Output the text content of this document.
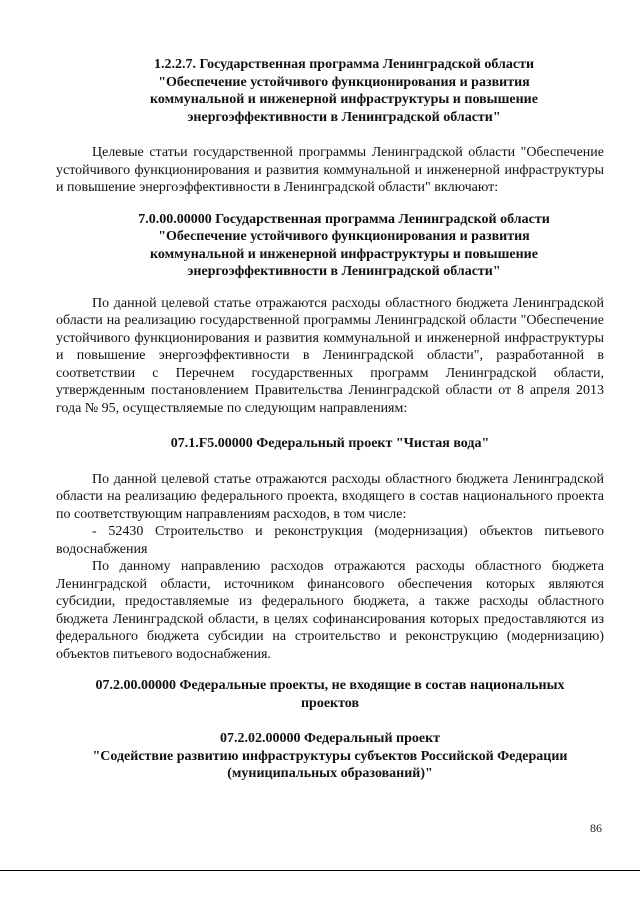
1.2.2.7. Государственная программа Ленинградской области

"Обеспечение устойчивого функционирования и развития

коммунальной и инженерной инфраструктуры и повышение

энергоэффективности в Ленинградской области"

Целевые статьи государственной программы Ленинградской области "Обеспечение устойчивого функционирования и развития коммунальной и инженерной инфраструктуры и повышение энергоэффективности в Ленинградской области" включают:

7.0.00.00000 Государственная программа Ленинградской области

"Обеспечение устойчивого функционирования и развития

коммунальной и инженерной инфраструктуры и повышение

энергоэффективности в Ленинградской области"

По данной целевой статье отражаются расходы областного бюджета Ленинградской области на реализацию государственной программы Ленинградской области "Обеспечение устойчивого функционирования и развития коммунальной и инженерной инфраструктуры и повышение энергоэффективности в Ленинградской области", разработанной в соответствии с Перечнем государственных программ Ленинградской области, утвержденным постановлением Правительства Ленинградской области от 8 апреля 2013 года № 95, осуществляемые по следующим направлениям:

07.1.F5.00000 Федеральный проект "Чистая вода"

По данной целевой статье отражаются расходы областного бюджета Ленинградской области на реализацию федерального проекта, входящего в состав национального проекта по соответствующим направлениям расходов, в том числе:

- 52430 Строительство и реконструкция (модернизация) объектов питьевого водоснабжения

По данному направлению расходов отражаются расходы областного бюджета Ленинградской области, источником финансового обеспечения которых являются субсидии, предоставляемые из федерального бюджета, а также расходы областного бюджета Ленинградской области, в целях софинансирования которых предоставляются из федерального бюджета субсидии на строительство и реконструкцию (модернизацию) объектов питьевого водоснабжения.

07.2.00.00000 Федеральные проекты, не входящие в состав национальных

проектов

07.2.02.00000 Федеральный проект

"Содействие развитию инфраструктуры субъектов Российской Федерации

(муниципальных образований)"

86
